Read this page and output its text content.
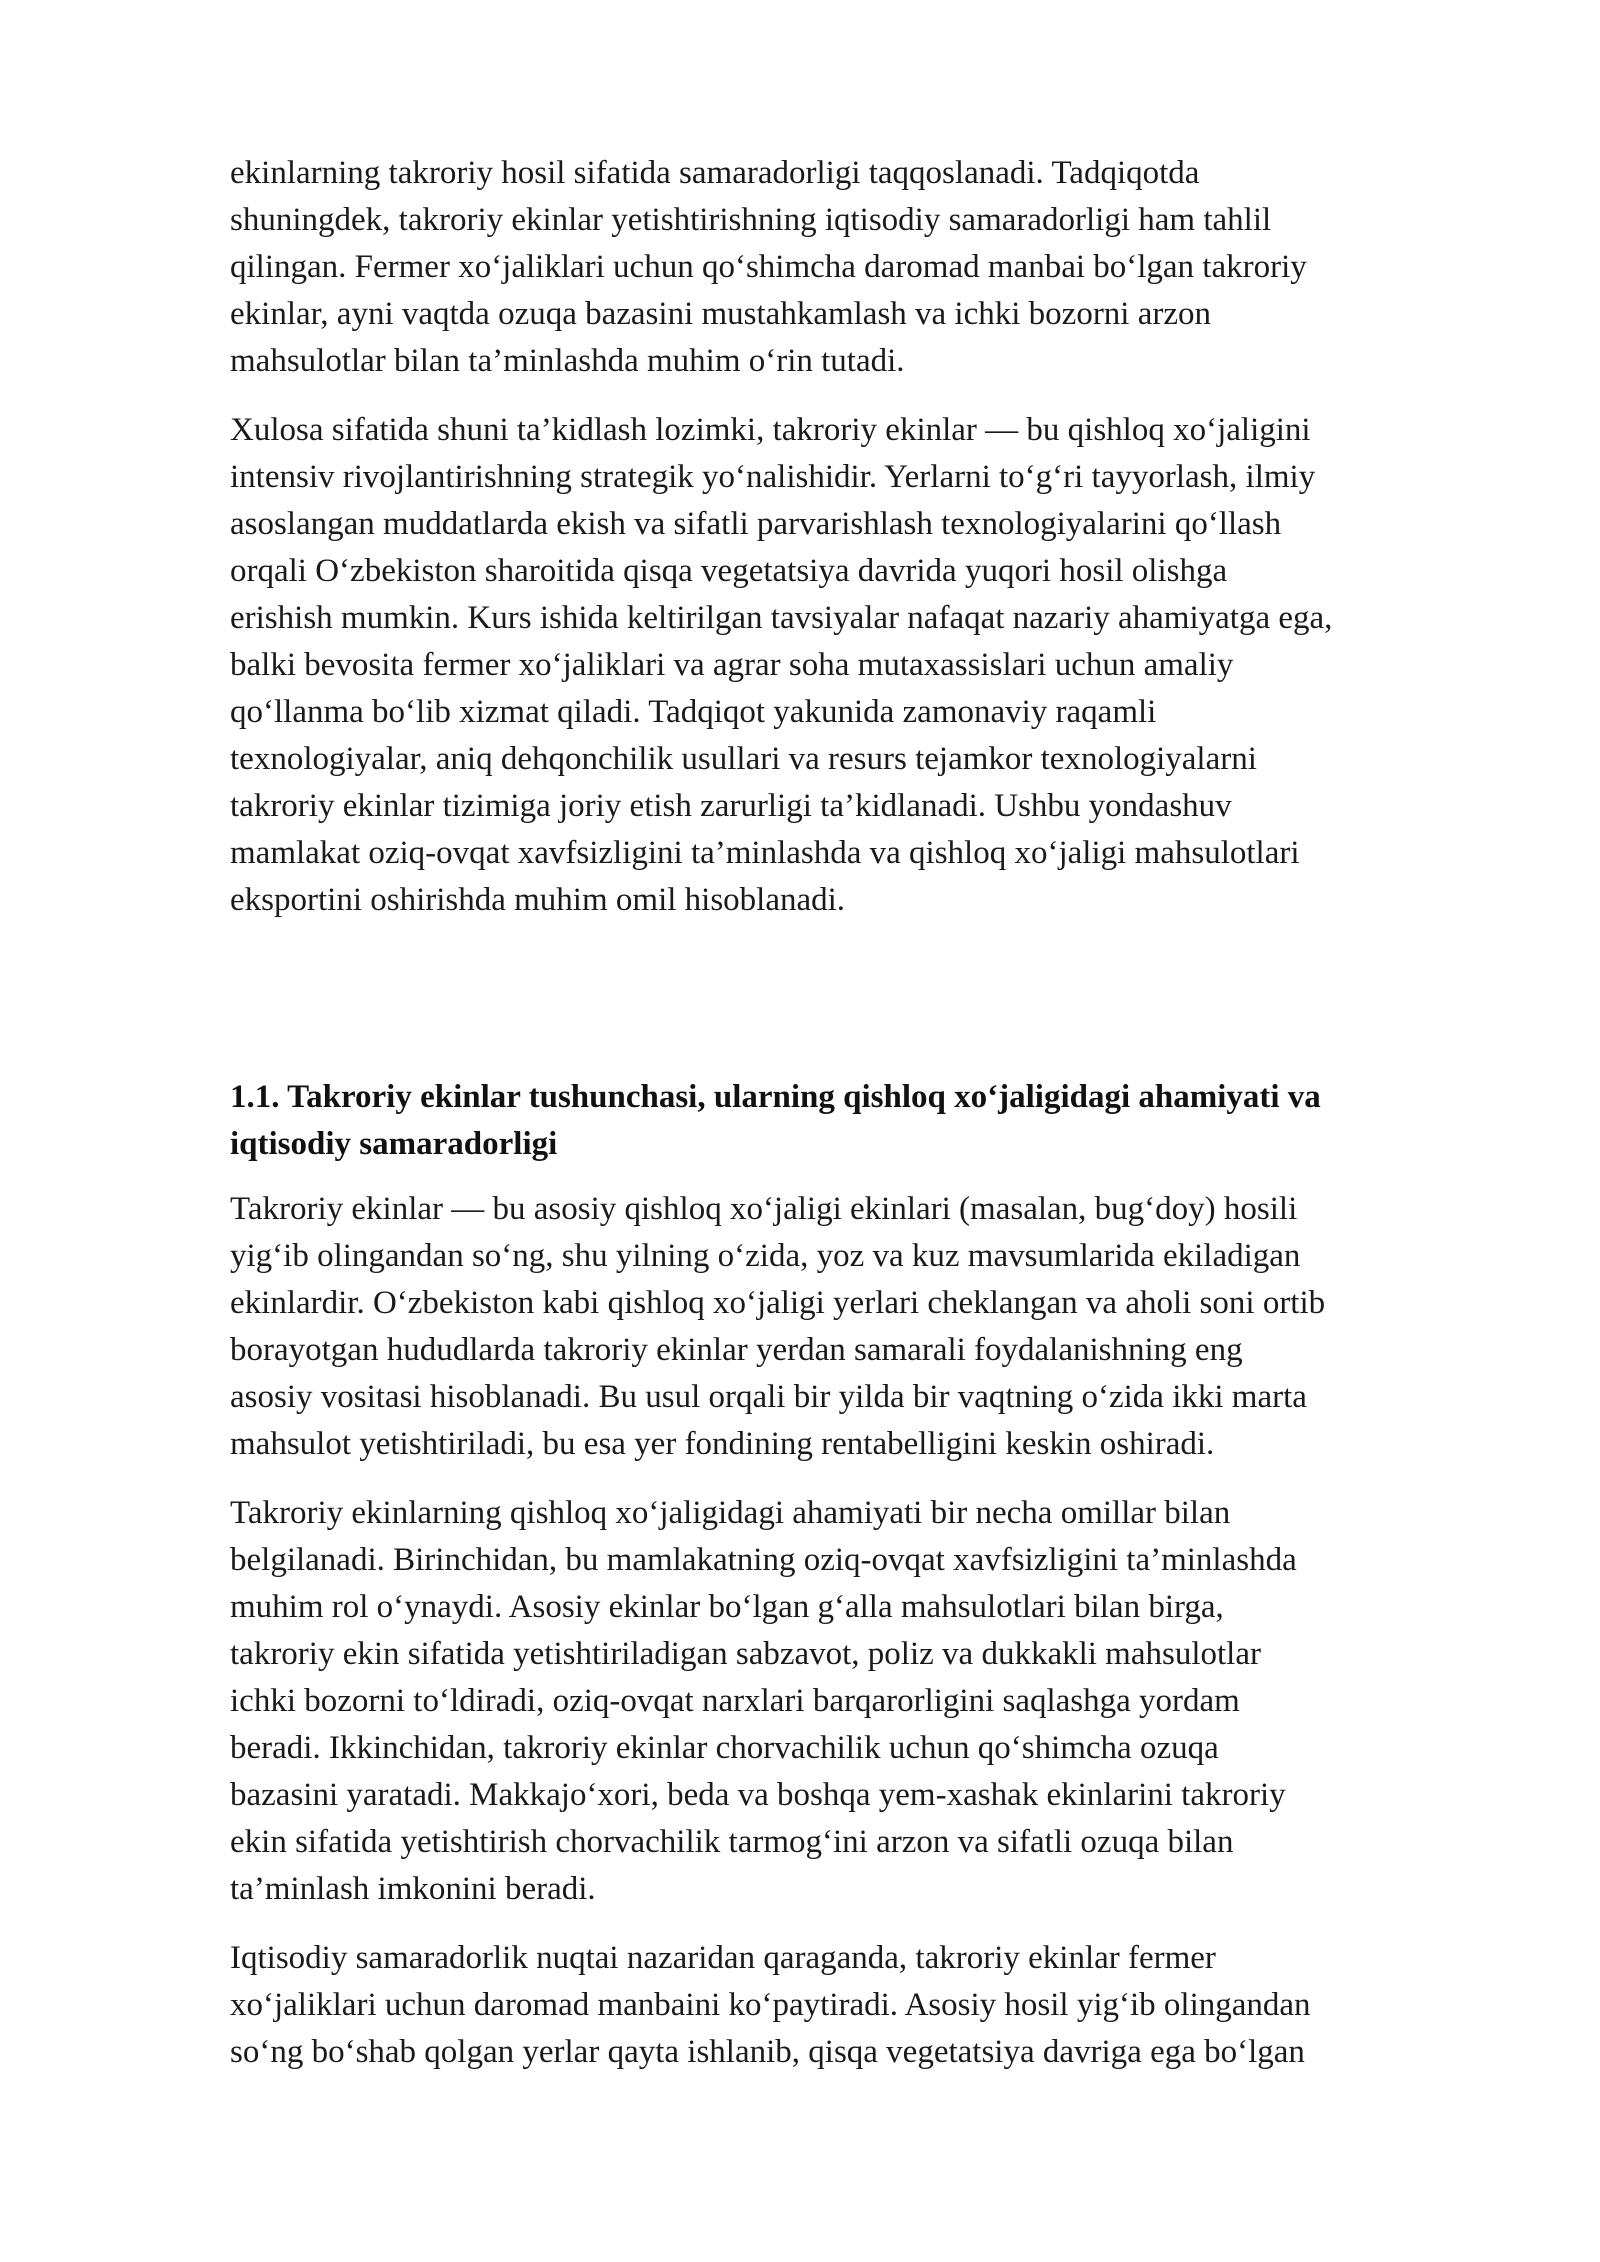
ekinlarning takroriy hosil sifatida samaradorligi taqqoslanadi. Tadqiqotda
shuningdek, takroriy ekinlar yetishtirishning iqtisodiy samaradorligi ham tahlil
qilingan. Fermer xo‘jaliklari uchun qo‘shimcha daromad manbai bo‘lgan takroriy
ekinlar, ayni vaqtda ozuqa bazasini mustahkamlash va ichki bozorni arzon
mahsulotlar bilan ta’minlashda muhim o‘rin tutadi.

Xulosa sifatida shuni ta’kidlash lozimki, takroriy ekinlar — bu qishloq xo‘jaligini
intensiv rivojlantirishning strategik yo‘nalishidir. Yerlarni to‘g‘ri tayyorlash, ilmiy
asoslangan muddatlarda ekish va sifatli parvarishlash texnologiyalarini qo‘llash
orqali O‘zbekiston sharoitida qisqa vegetatsiya davrida yuqori hosil olishga
erishish mumkin. Kurs ishida keltirilgan tavsiyalar nafaqat nazariy ahamiyatga ega,
balki bevosita fermer xo‘jaliklari va agrar soha mutaxassislari uchun amaliy
qo‘llanma bo‘lib xizmat qiladi. Tadqiqot yakunida zamonaviy raqamli
texnologiyalar, aniq dehqonchilik usullari va resurs tejamkor texnologiyalarni
takroriy ekinlar tizimiga joriy etish zarurligi ta’kidlanadi. Ushbu yondashuv
mamlakat oziq-ovqat xavfsizligini ta’minlashda va qishloq xo‘jaligi mahsulotlari
eksportini oshirishda muhim omil hisoblanadi.

1.1. Takroriy ekinlar tushunchasi, ularning qishloq xo‘jaligidagi ahamiyati va
iqtisodiy samaradorligi

Takroriy ekinlar — bu asosiy qishloq xo‘jaligi ekinlari (masalan, bug‘doy) hosili
yig‘ib olingandan so‘ng, shu yilning o‘zida, yoz va kuz mavsumlarida ekiladigan
ekinlardir. O‘zbekiston kabi qishloq xo‘jaligi yerlari cheklangan va aholi soni ortib
borayotgan hududlarda takroriy ekinlar yerdan samarali foydalanishning eng
asosiy vositasi hisoblanadi. Bu usul orqali bir yilda bir vaqtning o‘zida ikki marta
mahsulot yetishtiriladi, bu esa yer fondining rentabelligini keskin oshiradi.

Takroriy ekinlarning qishloq xo‘jaligidagi ahamiyati bir necha omillar bilan
belgilanadi. Birinchidan, bu mamlakatning oziq-ovqat xavfsizligini ta’minlashda
muhim rol o‘ynaydi. Asosiy ekinlar bo‘lgan g‘alla mahsulotlari bilan birga,
takroriy ekin sifatida yetishtiriladigan sabzavot, poliz va dukkakli mahsulotlar
ichki bozorni to‘ldiradi, oziq-ovqat narxlari barqarorligini saqlashga yordam
beradi. Ikkinchidan, takroriy ekinlar chorvachilik uchun qo‘shimcha ozuqa
bazasini yaratadi. Makkajo‘xori, beda va boshqa yem-xashak ekinlarini takroriy
ekin sifatida yetishtirish chorvachilik tarmog‘ini arzon va sifatli ozuqa bilan
ta’minlash imkonini beradi.

Iqtisodiy samaradorlik nuqtai nazaridan qaraganda, takroriy ekinlar fermer
xo‘jaliklari uchun daromad manbaini ko‘paytiradi. Asosiy hosil yig‘ib olingandan
so‘ng bo‘shab qolgan yerlar qayta ishlanib, qisqa vegetatsiya davriga ega bo‘lgan
